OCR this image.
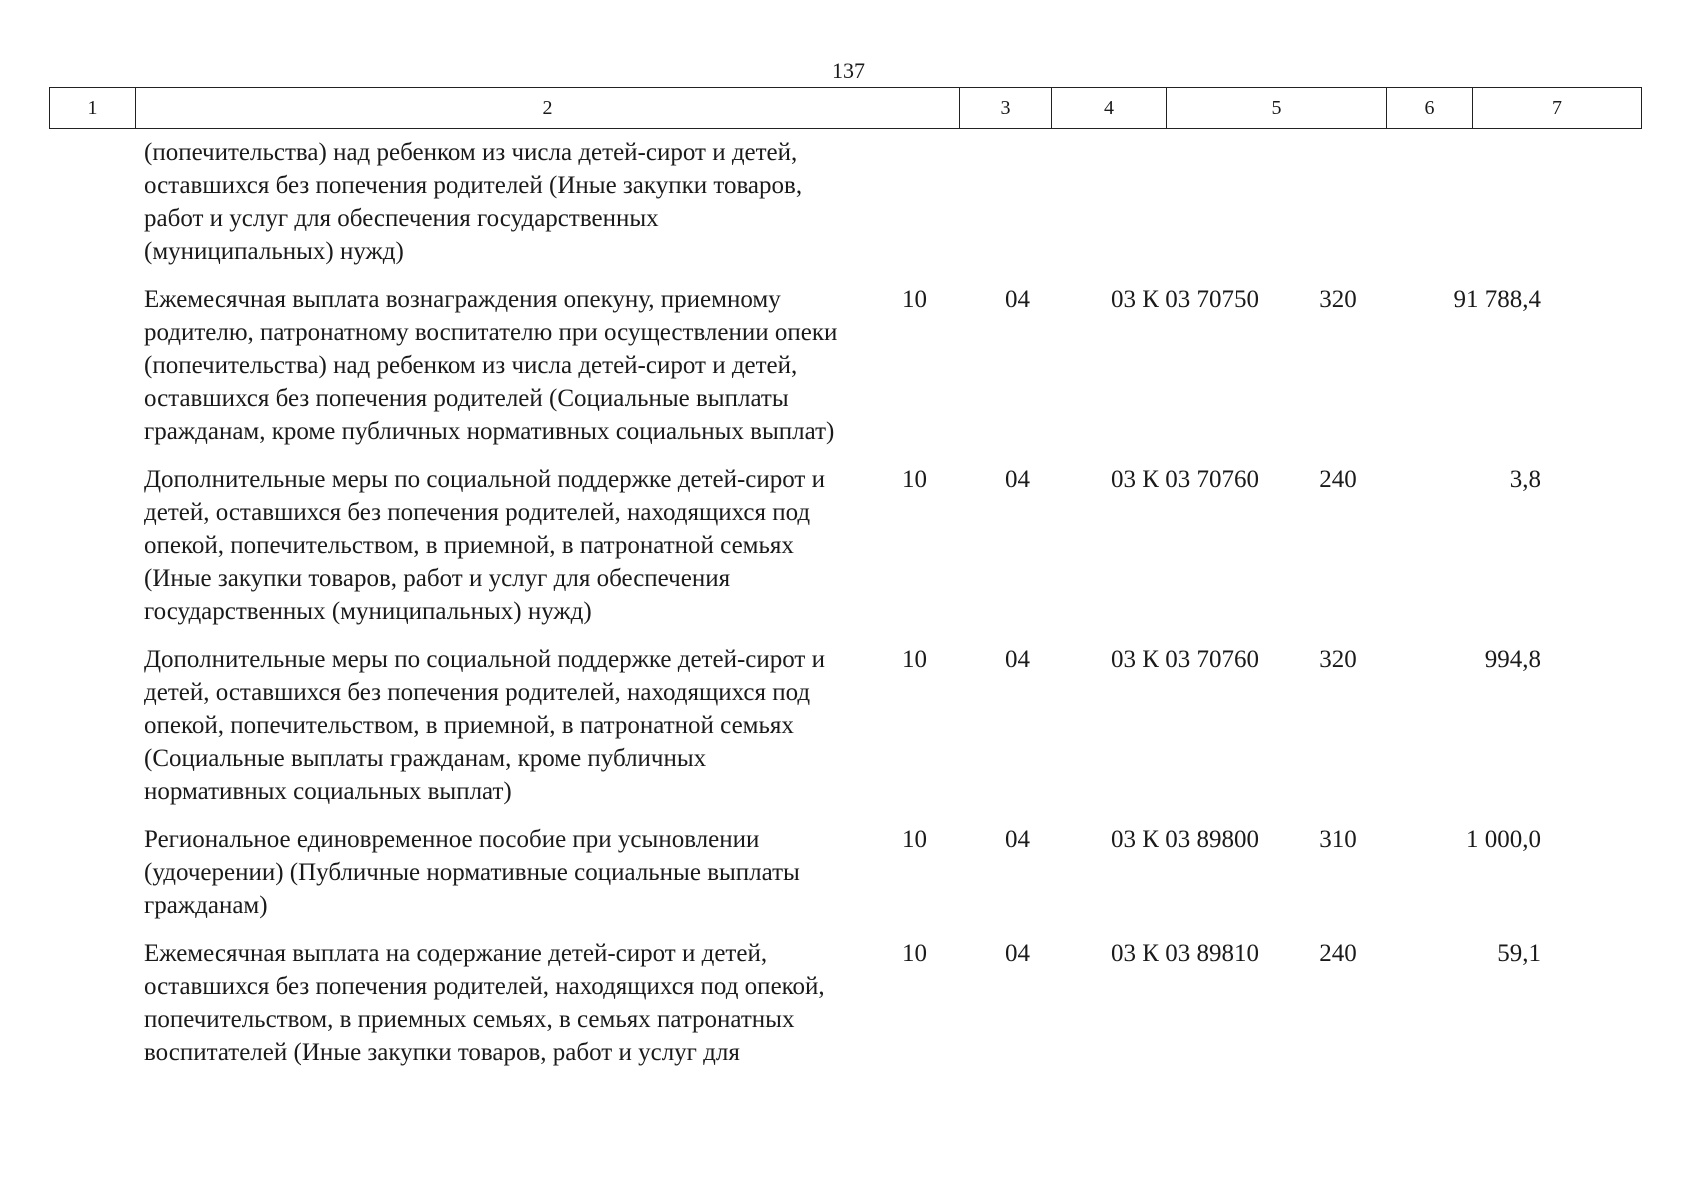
137
1	2	3	4	5	6	7
(попечительства) над ребенком из числа детей-сирот и детей,
оставшихся без попечения родителей (Иные закупки товаров,
работ и услуг для обеспечения государственных
(муниципальных) нужд)
Ежемесячная выплата вознаграждения опекуну, приемному
родителю, патронатному воспитателю при осуществлении опеки
(попечительства) над ребенком из числа детей-сирот и детей,
оставшихся без попечения родителей (Социальные выплаты
гражданам, кроме публичных нормативных социальных выплат)
10	04	03 К 03 70750	320	91 788,4
Дополнительные меры по социальной поддержке детей-сирот и
детей, оставшихся без попечения родителей, находящихся под
опекой, попечительством, в приемной, в патронатной семьях
(Иные закупки товаров, работ и услуг для обеспечения
государственных (муниципальных) нужд)
10	04	03 К 03 70760	240	3,8
Дополнительные меры по социальной поддержке детей-сирот и
детей, оставшихся без попечения родителей, находящихся под
опекой, попечительством, в приемной, в патронатной семьях
(Социальные выплаты гражданам, кроме публичных
нормативных социальных выплат)
10	04	03 К 03 70760	320	994,8
Региональное единовременное пособие при усыновлении
(удочерении) (Публичные нормативные социальные выплаты
гражданам)
10	04	03 К 03 89800	310	1 000,0
Ежемесячная выплата на содержание детей-сирот и детей,
оставшихся без попечения родителей, находящихся под опекой,
попечительством, в приемных семьях, в семьях патронатных
воспитателей (Иные закупки товаров, работ и услуг для
10	04	03 К 03 89810	240	59,1
